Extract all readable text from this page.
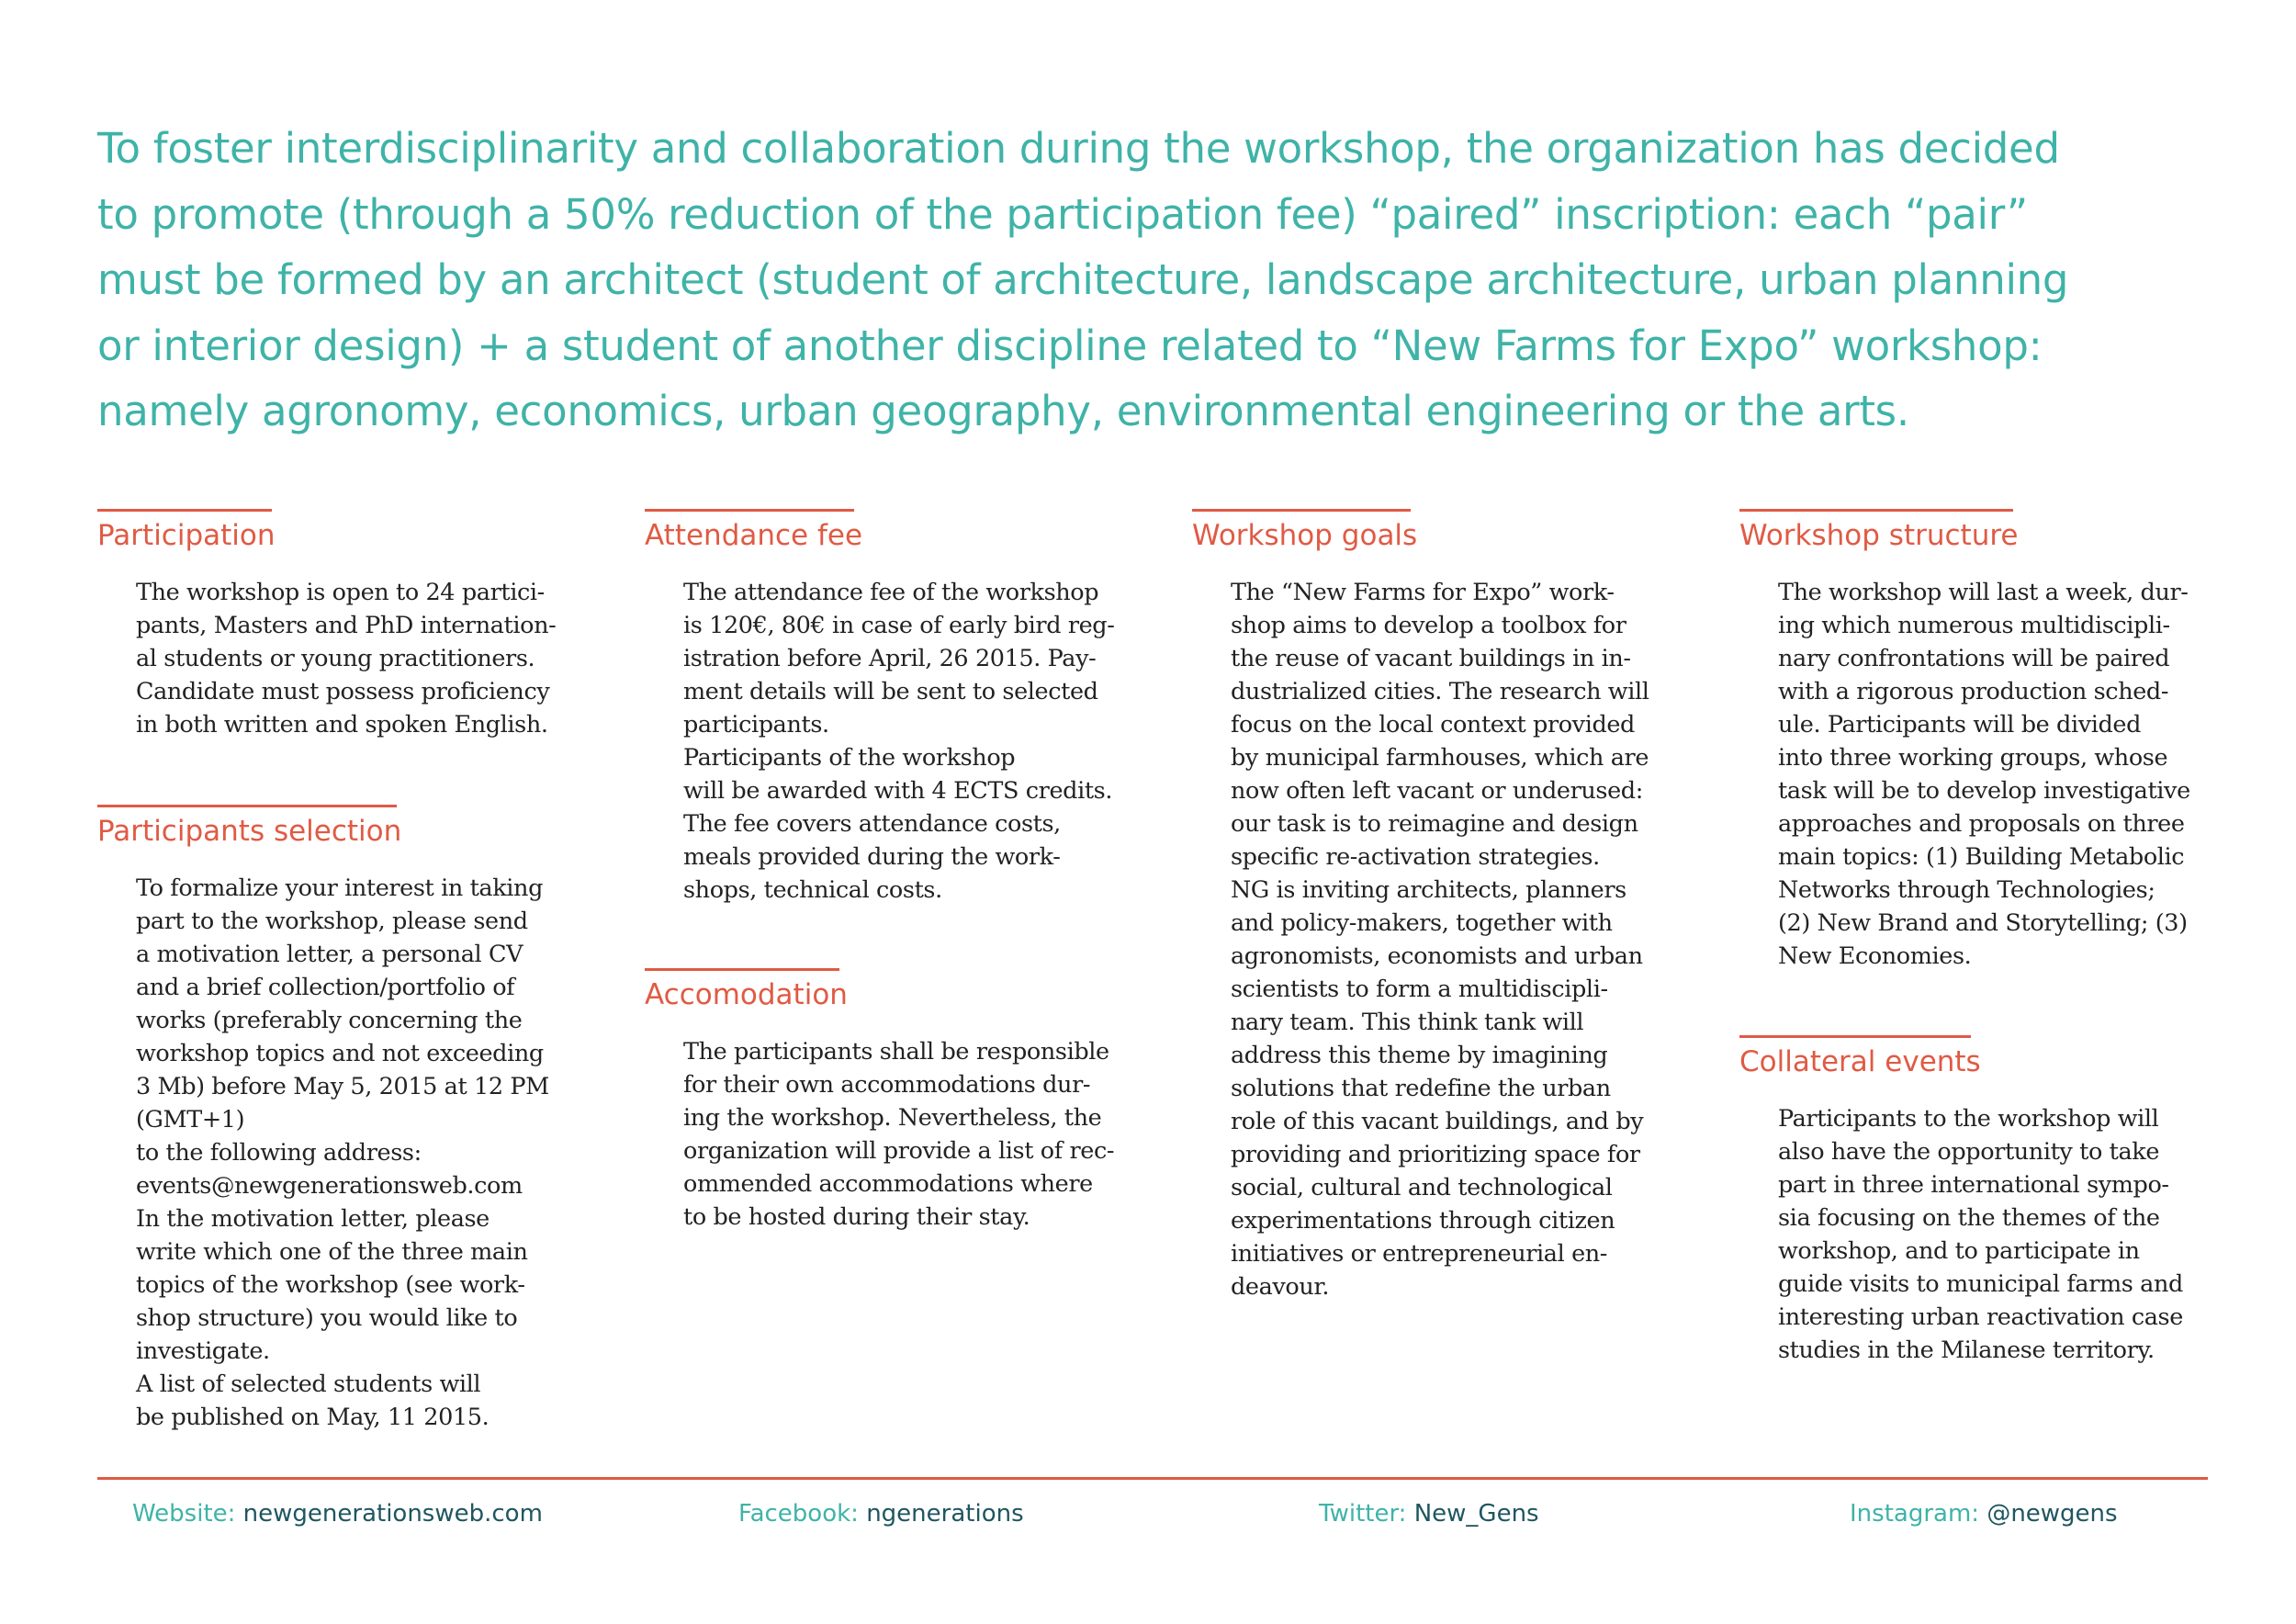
To foster interdisciplinarity and collaboration during the workshop, the organization has decided
to promote (through a 50% reduction of the participation fee) “paired” inscription: each “pair”
must be formed by an architect (student of architecture, landscape architecture, urban planning
or interior design) + a student of another discipline related to “New Farms for Expo” workshop:
namely agronomy, economics, urban geography, environmental engineering or the arts.

Participation
The workshop is open to 24 partici-
pants, Masters and PhD internation-
al students or young practitioners.
Candidate must possess proficiency
in both written and spoken English.
Participants selection
To formalize your interest in taking
part to the workshop, please send
a motivation letter, a personal CV
and a brief collection/portfolio of
works (preferably concerning the
workshop topics and not exceeding
3 Mb) before May 5, 2015 at 12 PM
(GMT+1)
to the following address:
events@newgenerationsweb.com
In the motivation letter, please
write which one of the three main
topics of the workshop (see work-
shop structure) you would like to
investigate.
A list of selected students will
be published on May, 11 2015.
Attendance fee
The attendance fee of the workshop
is 120€, 80€ in case of early bird reg-
istration before April, 26 2015. Pay-
ment details will be sent to selected
participants.
Participants of the workshop
will be awarded with 4 ECTS credits.
The fee covers attendance costs,
meals provided during the work-
shops, technical costs.
Accomodation
The participants shall be responsible
for their own accommodations dur-
ing the workshop. Nevertheless, the
organization will provide a list of rec-
ommended accommodations where
to be hosted during their stay.
Workshop goals
The “New Farms for Expo” work-
shop aims to develop a toolbox for
the reuse of vacant buildings in in-
dustrialized cities. The research will
focus on the local context provided
by municipal farmhouses, which are
now often left vacant or underused:
our task is to reimagine and design
specific re-activation strategies.
NG is inviting architects, planners
and policy-makers, together with
agronomists, economists and urban
scientists to form a multidiscipli-
nary team. This think tank will
address this theme by imagining
solutions that redefine the urban
role of this vacant buildings, and by
providing and prioritizing space for
social, cultural and technological
experimentations through citizen
initiatives or entrepreneurial en-
deavour.
Workshop structure
The workshop will last a week, dur-
ing which numerous multidiscipli-
nary confrontations will be paired
with a rigorous production sched-
ule. Participants will be divided
into three working groups, whose
task will be to develop investigative
approaches and proposals on three
main topics: (1) Building Metabolic
Networks through Technologies;
(2) New Brand and Storytelling; (3)
New Economies.
Collateral events
Participants to the workshop will
also have the opportunity to take
part in three international sympo-
sia focusing on the themes of the
workshop, and to participate in
guide visits to municipal farms and
interesting urban reactivation case
studies in the Milanese territory.
Website: newgenerationsweb.com	Facebook: ngenerations	Twitter: New_Gens	Instagram: @newgens
